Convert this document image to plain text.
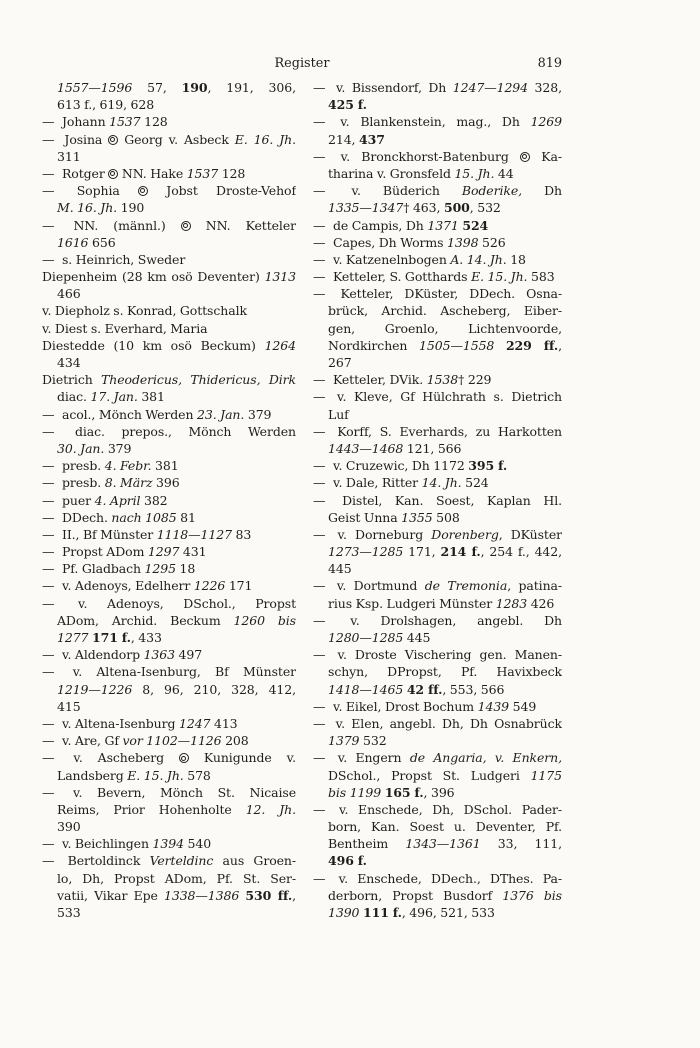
Register	819
1557—1596 57, 190, 191, 306,
613 f., 619, 628
— Johann 1537 128
— Josina
Georg v. Asbeck E. 16. Jh.
311
— Rotger
NN. Hake 1537 128
— Sophia
Jobst Droste-Vehof
M. 16. Jh. 190
— NN. (männl.)
NN. Ketteler
1616 656
— s. Heinrich, Sweder
Diepenheim (28 km osö Deventer) 1313
466
v. Diepholz s. Konrad, Gottschalk
v. Diest s. Everhard, Maria
Diestedde (10 km osö Beckum) 1264
434
Dietrich Theodericus, Thidericus, Dirk
diac. 17. Jan. 381
— acol., Mönch Werden 23. Jan. 379
— diac. prepos., Mönch Werden
30. Jan. 379
— presb. 4. Febr. 381
— presb. 8. März 396
— puer 4. April 382
— DDech. nach 1085 81
— II., Bf Münster 1118—1127 83
— Propst ADom 1297 431
— Pf. Gladbach 1295 18
— v. Adenoys, Edelherr 1226 171
— v. Adenoys, DSchol., Propst
ADom, Archid. Beckum 1260 bis
1277 171 f., 433
— v. Aldendorp 1363 497
— v. Altena-Isenburg, Bf Münster
1219—1226 8, 96, 210, 328, 412,
415
— v. Altena-Isenburg 1247 413
— v. Are, Gf vor 1102—1126 208
— v. Ascheberg
Kunigunde v.
Landsberg E. 15. Jh. 578
— v. Bevern, Mönch St. Nicaise
Reims, Prior Hohenholte 12. Jh.
390
— v. Beichlingen 1394 540
— Bertoldinck Verteldinc aus Groen-
lo, Dh, Propst ADom, Pf. St. Ser-
vatii, Vikar Epe 1338—1386 530 ff.,
533
— v. Bissendorf, Dh 1247—1294 328,
425 f.
— v. Blankenstein, mag., Dh 1269
214, 437
— v. Bronckhorst-Batenburg
Ka-
tharina v. Gronsfeld 15. Jh. 44
— v. Büderich Boderike, Dh
1335—1347† 463, 500, 532
— de Campis, Dh 1371 524
— Capes, Dh Worms 1398 526
— v. Katzenelnbogen A. 14. Jh. 18
— Ketteler, S. Gotthards E. 15. Jh. 583
— Ketteler, DKüster, DDech. Osna-
brück, Archid. Ascheberg, Eiber-
gen, Groenlo, Lichtenvoorde,
Nordkirchen 1505—1558 229 ff.,
267
— Ketteler, DVik. 1538† 229
— v. Kleve, Gf Hülchrath s. Dietrich
Luf
— Korff, S. Everhards, zu Harkotten
1443—1468 121, 566
— v. Cruzewic, Dh 1172 395 f.
— v. Dale, Ritter 14. Jh. 524
— Distel, Kan. Soest, Kaplan Hl.
Geist Unna 1355 508
— v. Dorneburg Dorenberg, DKüster
1273—1285 171, 214 f., 254 f., 442,
445
— v. Dortmund de Tremonia, patina-
rius Ksp. Ludgeri Münster 1283 426
— v. Drolshagen, angebl. Dh
1280—1285 445
— v. Droste Vischering gen. Manen-
schyn, DPropst, Pf. Havixbeck
1418—1465 42 ff., 553, 566
— v. Eikel, Drost Bochum 1439 549
— v. Elen, angebl. Dh, Dh Osnabrück
1379 532
— v. Engern de Angaria, v. Enkern,
DSchol., Propst St. Ludgeri 1175
bis 1199 165 f., 396
— v. Enschede, Dh, DSchol. Pader-
born, Kan. Soest u. Deventer, Pf.
Bentheim 1343—1361 33, 111,
496 f.
— v. Enschede, DDech., DThes. Pa-
derborn, Propst Busdorf 1376 bis
1390 111 f., 496, 521, 533
